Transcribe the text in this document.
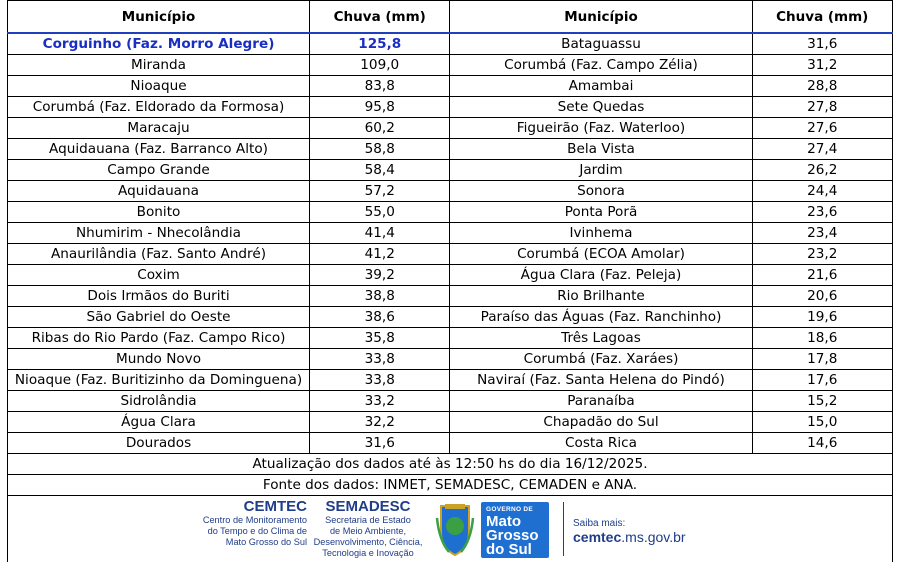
Município	Chuva (mm)	Município	Chuva (mm)
Corguinho (Faz. Morro Alegre)	125,8	Bataguassu	31,6
Miranda	109,0	Corumbá (Faz. Campo Zélia)	31,2
Nioaque	83,8	Amambai	28,8
Corumbá (Faz. Eldorado da Formosa)	95,8	Sete Quedas	27,8
Maracaju	60,2	Figueirão (Faz. Waterloo)	27,6
Aquidauana (Faz. Barranco Alto)	58,8	Bela Vista	27,4
Campo Grande	58,4	Jardim	26,2
Aquidauana	57,2	Sonora	24,4
Bonito	55,0	Ponta Porã	23,6
Nhumirim - Nhecolândia	41,4	Ivinhema	23,4
Anaurilândia (Faz. Santo André)	41,2	Corumbá (ECOA Amolar)	23,2
Coxim	39,2	Água Clara (Faz. Peleja)	21,6
Dois Irmãos do Buriti	38,8	Rio Brilhante	20,6
São Gabriel do Oeste	38,6	Paraíso das Águas (Faz. Ranchinho)	19,6
Ribas do Rio Pardo (Faz. Campo Rico)	35,8	Três Lagoas	18,6
Mundo Novo	33,8	Corumbá (Faz. Xaráes)	17,8
Nioaque (Faz. Buritizinho da Dominguena)	33,8	Naviraí (Faz. Santa Helena do Pindó)	17,6
Sidrolândia	33,2	Paranaíba	15,2
Água Clara	32,2	Chapadão do Sul	15,0
Dourados	31,6	Costa Rica	14,6
Atualização dos dados até às 12:50 hs do dia 16/12/2025.
Fonte dos dados: INMET, SEMADESC, CEMADEN e ANA.
CEMTEC
Centro de Monitoramento
do Tempo e do Clima de
Mato Grosso do Sul
SEMADESC
Secretaria de Estado
de Meio Ambiente,
Desenvolvimento, Ciência,
Tecnologia e Inovação
GOVERNO DE
Mato
Grosso
do Sul
Saiba mais:
cemtec.ms.gov.br
